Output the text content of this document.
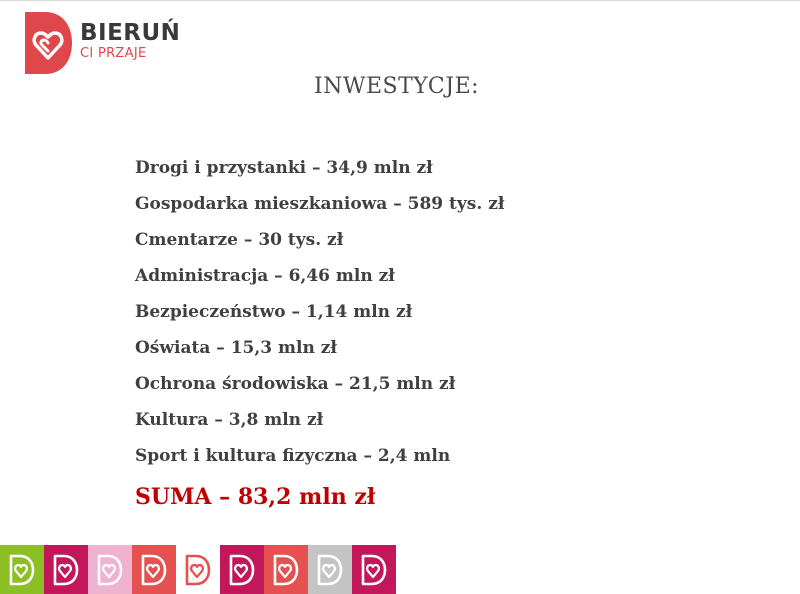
BIERUŃ
CI PRZAJE
INWESTYCJE:
Drogi i przystanki – 34,9 mln zł
Gospodarka mieszkaniowa – 589 tys. zł
Cmentarze – 30 tys. zł
Administracja – 6,46 mln zł
Bezpieczeństwo – 1,14 mln zł
Oświata – 15,3 mln zł
Ochrona środowiska – 21,5 mln zł
Kultura – 3,8 mln zł
Sport i kultura fizyczna – 2,4 mln
SUMA – 83,2 mln zł
